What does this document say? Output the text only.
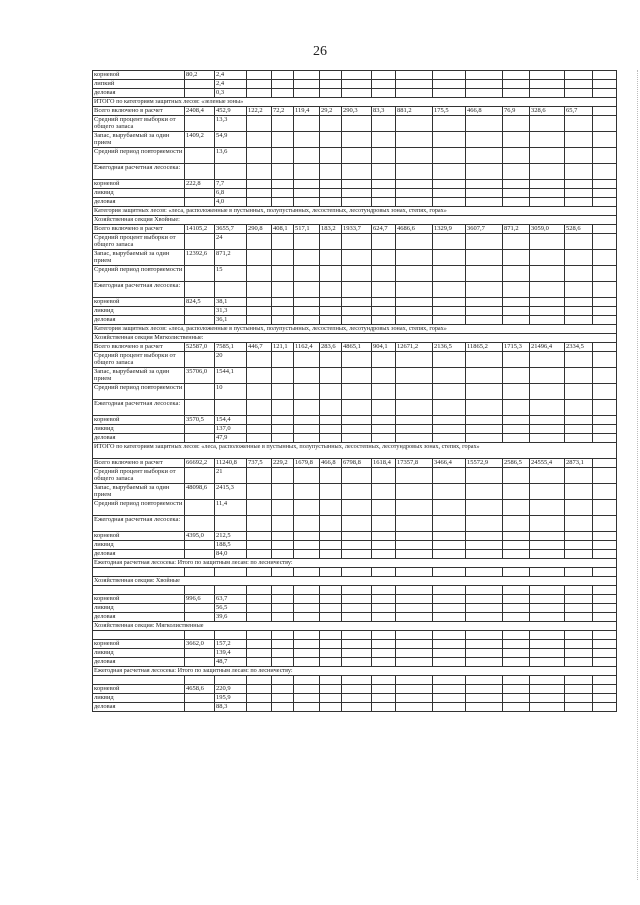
26
корневой	80,2	2,4													
липкий		2,4													
деловая		0,3													
ИТОГО по категориям защитных лесов: «зеленые зоны»															
Всего включено в расчет	2408,4	452,9	122,2	72,2	119,4	29,2	290,3	83,3	881,2	175,5	466,8	76,9	328,6	65,7	
Средний процент выборки от общего запаса		13,3													
Запас, вырубаемый за один прием	1409,2	54,9													
Средний период повторяемости		13,6													
Ежегодная расчетная лесосека:															
корневой	222,8	7,7													
ликвид		6,8													
деловая		4,0													
Категория защитных лесов: «леса, расположенные в пустынных, полупустынных, лесостепных, лесотундровых зонах, степях, горах»															
Хозяйственная секция Хвойные:															
Всего включено в расчет	14105,2	3655,7	290,8	408,1	517,1	183,2	1933,7	624,7	4686,6	1329,9	3607,7	871,2	3059,0	528,6	
Средний процент выборки от общего запаса		24													
Запас, вырубаемый за один прием	12392,6	871,2													
Средний период повторяемости		15													
Ежегодная расчетная лесосека:															
корневой	824,5	38,1													
ликвид		31,3													
деловая		36,1													
Категория защитных лесов: «леса, расположенные в пустынных, полупустынных, лесостепных, лесотундровых зонах, степях, горах»															
Хозяйственная секция Мягколиственные:															
Всего включено в расчет	52587,0	7585,1	446,7	121,1	1162,4	283,6	4865,1	904,1	12671,2	2136,5	11865,2	1715,3	21496,4	2334,5	
Средний процент выборки от общего запаса		20													
Запас, вырубаемый за один прием	35706,0	1544,1													
Средний период повторяемости		10													
Ежегодная расчетная лесосека:															
корневой	3570,5	154,4													
ликвид		137,0													
деловая		47,9													
ИТОГО по категориям защитных лесов: «леса, расположенные в пустынных, полупустынных, лесостепных, лесотундровых зонах, степях, горах»															
Всего включено в расчет	66692,2	11240,8	737,5	229,2	1679,8	466,8	6798,8	1618,4	17357,8	3466,4	15572,9	2586,5	24555,4	2873,1	
Средний процент выборки от общего запаса		21													
Запас, вырубаемый за один прием	48098,6	2415,3													
Средний период повторяемости		11,4													
Ежегодная расчетная лесосека:															
корневой	4395,0	212,5													
ликвид		188,5													
деловая		84,0													
Ежегодная расчетная лесосека: Итого по защитным лесам: по лесничеству:															

Хозяйственная секция: Хвойные															

корневой	996,6	63,7													
ликвид		56,5													
деловая		39,6													
Хозяйственная секция: Мягколиственные															

корневой	3662,0	157,2													
ликвид		139,4													
деловая		48,7													
Ежегодная расчетная лесосека: Итого по защитным лесам: по лесничеству:															

корневой	4658,6	220,9													
ликвид		195,9													
деловая		88,3													
